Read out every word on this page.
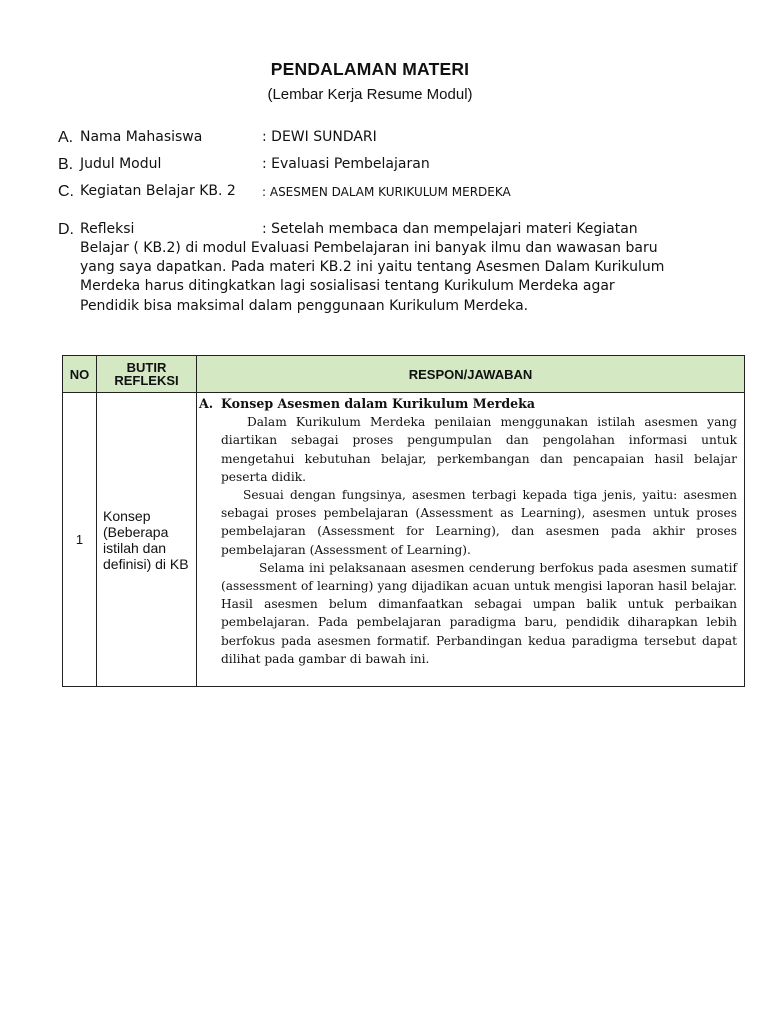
PENDALAMAN MATERI
(Lembar Kerja Resume Modul)
A. Nama Mahasiswa	: DEWI SUNDARI
B. Judul Modul	: Evaluasi Pembelajaran
C. Kegiatan Belajar KB. 2 : ASESMEN DALAM KURIKULUM MERDEKA
D. Refleksi	: Setelah membaca dan mempelajari materi Kegiatan
Belajar ( KB.2) di modul Evaluasi Pembelajaran ini banyak ilmu dan wawasan baru yang saya dapatkan. Pada materi KB.2 ini yaitu tentang Asesmen Dalam Kurikulum Merdeka harus ditingkatkan lagi sosialisasi tentang Kurikulum Merdeka agar Pendidik bisa maksimal dalam penggunaan Kurikulum Merdeka.
NO	BUTIR REFLEKSI	RESPON/JAWABAN
1	Konsep (Beberapa istilah dan definisi) di KB	A. Konsep Asesmen dalam Kurikulum Merdeka
Dalam Kurikulum Merdeka penilaian menggunakan istilah asesmen yang diartikan sebagai proses pengumpulan dan pengolahan informasi untuk mengetahui kebutuhan belajar, perkembangan dan pencapaian hasil belajar peserta didik.
Sesuai dengan fungsinya, asesmen terbagi kepada tiga jenis, yaitu: asesmen sebagai proses pembelajaran (Assessment as Learning), asesmen untuk proses pembelajaran (Assessment for Learning), dan asesmen pada akhir proses pembelajaran (Assessment of Learning).
Selama ini pelaksanaan asesmen cenderung berfokus pada asesmen sumatif (assessment of learning) yang dijadikan acuan untuk mengisi laporan hasil belajar. Hasil asesmen belum dimanfaatkan sebagai umpan balik untuk perbaikan pembelajaran. Pada pembelajaran paradigma baru, pendidik diharapkan lebih berfokus pada asesmen formatif. Perbandingan kedua paradigma tersebut dapat dilihat pada gambar di bawah ini.
